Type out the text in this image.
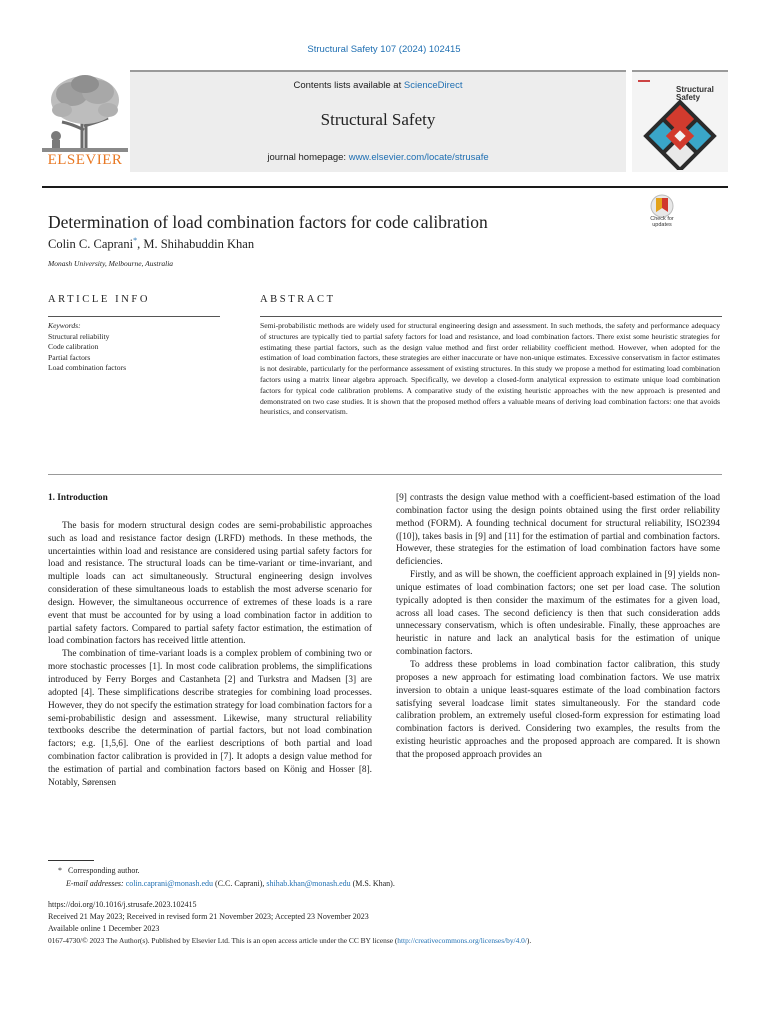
Structural Safety 107 (2024) 102415
ELSEVIER
Contents lists available at ScienceDirect
Structural Safety
journal homepage: www.elsevier.com/locate/strusafe
Structural Safety
Determination of load combination factors for code calibration
Colin C. Caprani*, M. Shihabuddin Khan
Monash University, Melbourne, Australia
Check for updates
ARTICLE INFO	ABSTRACT
Keywords:
Structural reliability
Code calibration
Partial factors
Load combination factors
Semi-probabilistic methods are widely used for structural engineering design and assessment. In such methods, the safety and performance adequacy of structures are typically tied to partial safety factors for load and resistance, and load combination factors. There exist some heuristic strategies for estimating these partial factors, such as the design value method and first order reliability coefficient method. However, when adopted for the estimation of load combination factors, these strategies are either inaccurate or have non-unique estimates. Excessive conservatism in factor estimates is not desirable, particularly for the performance assessment of existing structures. In this study we propose a method for estimating load combination factors using a matrix linear algebra approach. Specifically, we develop a closed-form analytical expression to estimate unique load combination factors for typical code calibration problems. A comparative study of the existing heuristic approaches with the new approach is presented and demonstrated on two case studies. It is shown that the proposed method offers a valuable means of deriving load combination factors: one that avoids heuristics, and conservatism.
1. Introduction

The basis for modern structural design codes are semi-probabilistic approaches such as load and resistance factor design (LRFD) methods. In these methods, the uncertainties within load and resistance are considered using partial safety factors for load and resistance. The structural loads can be time-variant or time-invariant, and multiple loads can act simultaneously. Structural engineering design involves consideration of these simultaneous loads to establish the most adverse scenario for design. However, the simultaneous occurrence of extremes of these loads is a rare event that must be accounted for by using a load combination factor in addition to partial safety factors. Compared to partial safety factor estimation, the estimation of load combination factors has received little attention.

The combination of time-variant loads is a complex problem of combining two or more stochastic processes [1]. In most code calibration problems, the simplifications introduced by Ferry Borges and Castanheta [2] and Turkstra and Madsen [3] are adopted [4]. These simplifications describe strategies for combining load processes. However, they do not specify the estimation strategy for load combination factors for a semi-probabilistic design and assessment. Likewise, many structural reliability textbooks describe the determination of partial factors, but not load combination factors; e.g. [1,5,6]. One of the earliest descriptions of both partial and load combination factor calibration is provided in [7]. It adopts a design value method for the estimation of partial and combination factors based on König and Hosser [8]. Notably, Sørensen

[9] contrasts the design value method with a coefficient-based estimation of the load combination factor using the design points obtained using the first order reliability method (FORM). A founding technical document for structural reliability, ISO2394 ([10]), takes basis in [9] and [11] for the estimation of partial and combination factors. However, these strategies for the estimation of load combination factors have some deficiencies.

Firstly, and as will be shown, the coefficient approach explained in [9] yields non-unique estimates of load combination factors; one set per load case. The solution typically adopted is then consider the maximum of the estimates for a given load, across all load cases. The second deficiency is then that such consideration adds unnecessary conservatism, which is often undesirable. Finally, these approaches are heuristic in nature and lack an analytical basis for the estimation of unique combination factors.

To address these problems in load combination factor calibration, this study proposes a new approach for estimating load combination factors. We use matrix inversion to obtain a unique least-squares estimate of the load combination factors satisfying several loadcase limit states simultaneously. For the standard code calibration problem, an extremely useful closed-form expression for estimating load combination factors is derived. Considering two examples, the results from the existing heuristic approaches and the proposed approach are compared. It is shown that the proposed approach provides an

* Corresponding author.
E-mail addresses: colin.caprani@monash.edu (C.C. Caprani), shihab.khan@monash.edu (M.S. Khan).
https://doi.org/10.1016/j.strusafe.2023.102415
Received 21 May 2023; Received in revised form 21 November 2023; Accepted 23 November 2023
Available online 1 December 2023
0167-4730/© 2023 The Author(s). Published by Elsevier Ltd. This is an open access article under the CC BY license (http://creativecommons.org/licenses/by/4.0/).
